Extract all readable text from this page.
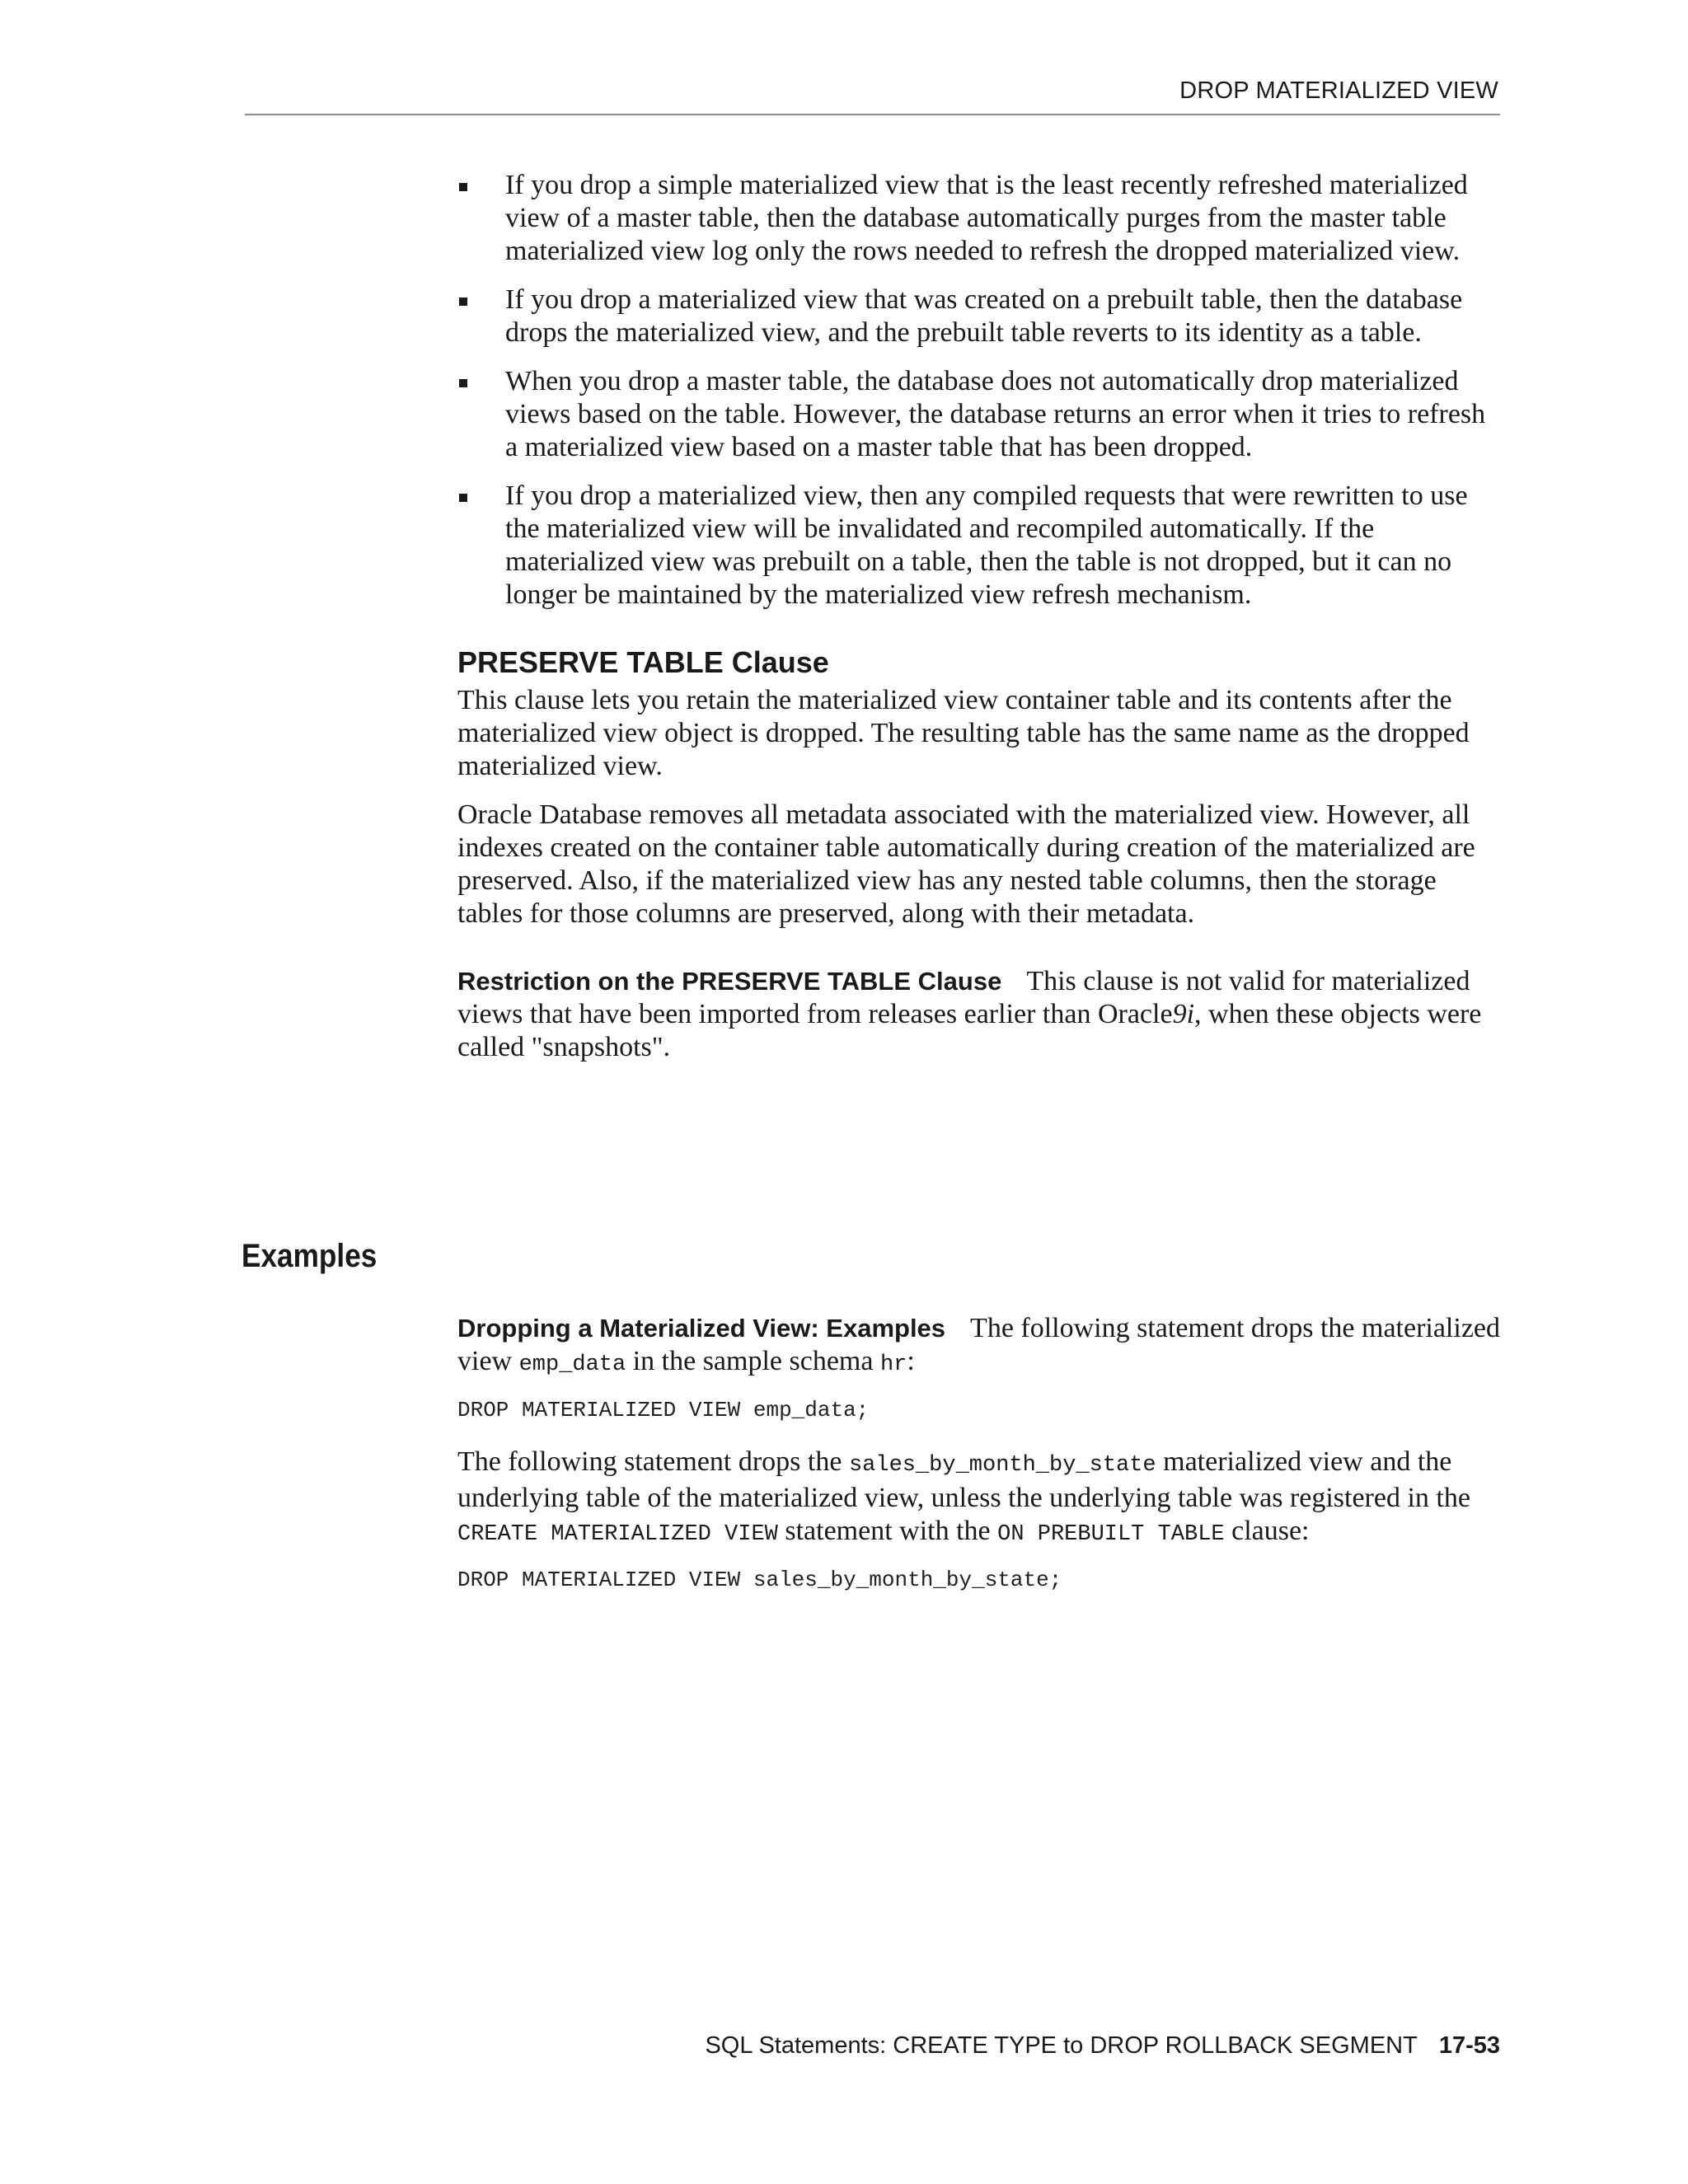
DROP MATERIALIZED VIEW
If you drop a simple materialized view that is the least recently refreshed materialized view of a master table, then the database automatically purges from the master table materialized view log only the rows needed to refresh the dropped materialized view.
If you drop a materialized view that was created on a prebuilt table, then the database drops the materialized view, and the prebuilt table reverts to its identity as a table.
When you drop a master table, the database does not automatically drop materialized views based on the table. However, the database returns an error when it tries to refresh a materialized view based on a master table that has been dropped.
If you drop a materialized view, then any compiled requests that were rewritten to use the materialized view will be invalidated and recompiled automatically. If the materialized view was prebuilt on a table, then the table is not dropped, but it can no longer be maintained by the materialized view refresh mechanism.
PRESERVE TABLE Clause

This clause lets you retain the materialized view container table and its contents after the materialized view object is dropped. The resulting table has the same name as the dropped materialized view.

Oracle Database removes all metadata associated with the materialized view. However, all indexes created on the container table automatically during creation of the materialized are preserved. Also, if the materialized view has any nested table columns, then the storage tables for those columns are preserved, along with their metadata.

Restriction on the PRESERVE TABLE Clause This clause is not valid for materialized views that have been imported from releases earlier than Oracle9i, when these objects were called "snapshots".

Examples

Dropping a Materialized View: Examples The following statement drops the materialized view emp_data in the sample schema hr:

DROP MATERIALIZED VIEW emp_data;

The following statement drops the sales_by_month_by_state materialized view and the underlying table of the materialized view, unless the underlying table was registered in the CREATE MATERIALIZED VIEW statement with the ON PREBUILT TABLE clause:

DROP MATERIALIZED VIEW sales_by_month_by_state;
SQL Statements: CREATE TYPE to DROP ROLLBACK SEGMENT 17-53
